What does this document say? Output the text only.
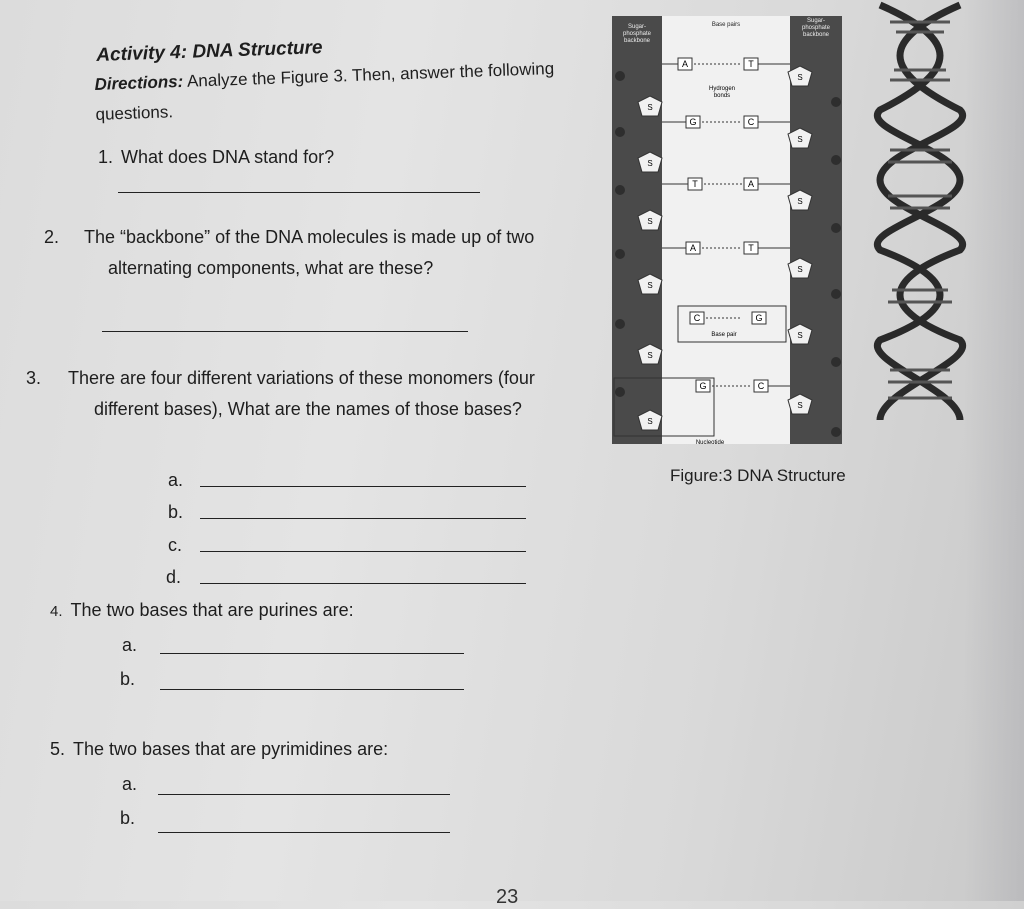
Activity 4: DNA Structure
Directions: Analyze the Figure 3. Then, answer the following questions.
1. What does DNA stand for?
2. The “backbone” of the DNA molecules is made up of two alternating components, what are these?
3. There are four different variations of these monomers (four different bases), What are the names of those bases?
a.
b.
c.
d.
4. The two bases that are purines are:
a.
b.
5. The two bases that are pyrimidines are:
a.
b.
Sugar-phosphate backbone
Sugar-phosphate backbone
Base pairs
A	T
Hydrogen bonds
G	C
T	A
A	T
C	G
Base pair
G	C
Nucleotide
S
S
S
S
S
S
S
S
S
S
S
S
Figure:3 DNA Structure
23
